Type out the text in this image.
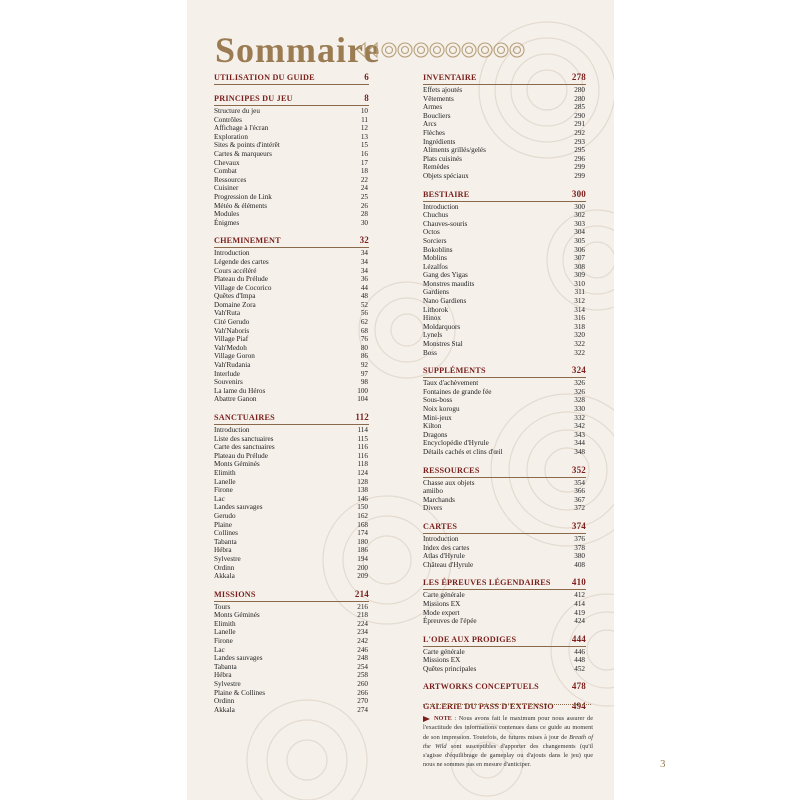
Sommaire
UTILISATION DU GUIDE	6
PRINCIPES DU JEU	8
Structure du jeu	10
Contrôles	11
Affichage à l'écran	12
Exploration	13
Sites & points d'intérêt	15
Cartes & marqueurs	16
Chevaux	17
Combat	18
Ressources	22
Cuisiner	24
Progression de Link	25
Météo & éléments	26
Modules	28
Énigmes	30
CHEMINEMENT	32
Introduction	34
Légende des cartes	34
Cours accéléré	34
Plateau du Prélude	36
Village de Cocorico	44
Quêtes d'Impa	48
Domaine Zora	52
Vah'Ruta	56
Cité Gerudo	62
Vah'Naboris	68
Village Piaf	76
Vah'Medoh	80
Village Goron	86
Vah'Rudania	92
Interlude	97
Souvenirs	98
La lame du Héros	100
Abattre Ganon	104
SANCTUAIRES	112
Introduction	114
Liste des sanctuaires	115
Carte des sanctuaires	116
Plateau du Prélude	116
Monts Géminés	118
Elimith	124
Lanelle	128
Firone	138
Lac	146
Landes sauvages	150
Gerudo	162
Plaine	168
Collines	174
Tabanta	180
Hébra	186
Sylvestre	194
Ordinn	200
Akkala	209
MISSIONS	214
Tours	216
Monts Géminés	218
Elimith	224
Lanelle	234
Firone	242
Lac	246
Landes sauvages	248
Tabanta	254
Hébra	258
Sylvestre	260
Plaine & Collines	266
Ordinn	270
Akkala	274
INVENTAIRE	278
Effets ajoutés	280
Vêtements	280
Armes	285
Boucliers	290
Arcs	291
Flèches	292
Ingrédients	293
Aliments grillés/gelés	295
Plats cuisinés	296
Remèdes	299
Objets spéciaux	299
BESTIAIRE	300
Introduction	300
Chuchus	302
Chauves-souris	303
Octos	304
Sorciers	305
Bokoblins	306
Moblins	307
Lézalfos	308
Gang des Yigas	309
Monstres maudits	310
Gardiens	311
Nano Gardiens	312
Lithorok	314
Hinox	316
Moldarquors	318
Lynels	320
Monstres Stal	322
Boss	322
SUPPLÉMENTS	324
Taux d'achèvement	326
Fontaines de grande fée	326
Sous-boss	328
Noix korogu	330
Mini-jeux	332
Kilton	342
Dragons	343
Encyclopédie d'Hyrule	344
Détails cachés et clins d'œil	348
RESSOURCES	352
Chasse aux objets	354
amiibo	366
Marchands	367
Divers	372
CARTES	374
Introduction	376
Index des cartes	378
Atlas d'Hyrule	380
Château d'Hyrule	408
LES ÉPREUVES LÉGENDAIRES 410
Carte générale	412
Missions EX	414
Mode expert	419
Épreuves de l'épée	424
L'ODE AUX PRODIGES	444
Carte générale	446
Missions EX	448
Quêtes principales	452
ARTWORKS CONCEPTUELS	478
GALERIE DU PASS D'EXTENSIO 494
NOTE : Nous avons fait le maximum pour nous assurer de l'exactitude des informations contenues dans ce guide au moment de son impression. Toutefois, de futures mises à jour de Breath of the Wild sont susceptibles d'apporter des changements (qu'il s'agisse d'équilibrage de gameplay ou d'ajouts dans le jeu) que nous ne sommes pas en mesure d'anticiper.	3
